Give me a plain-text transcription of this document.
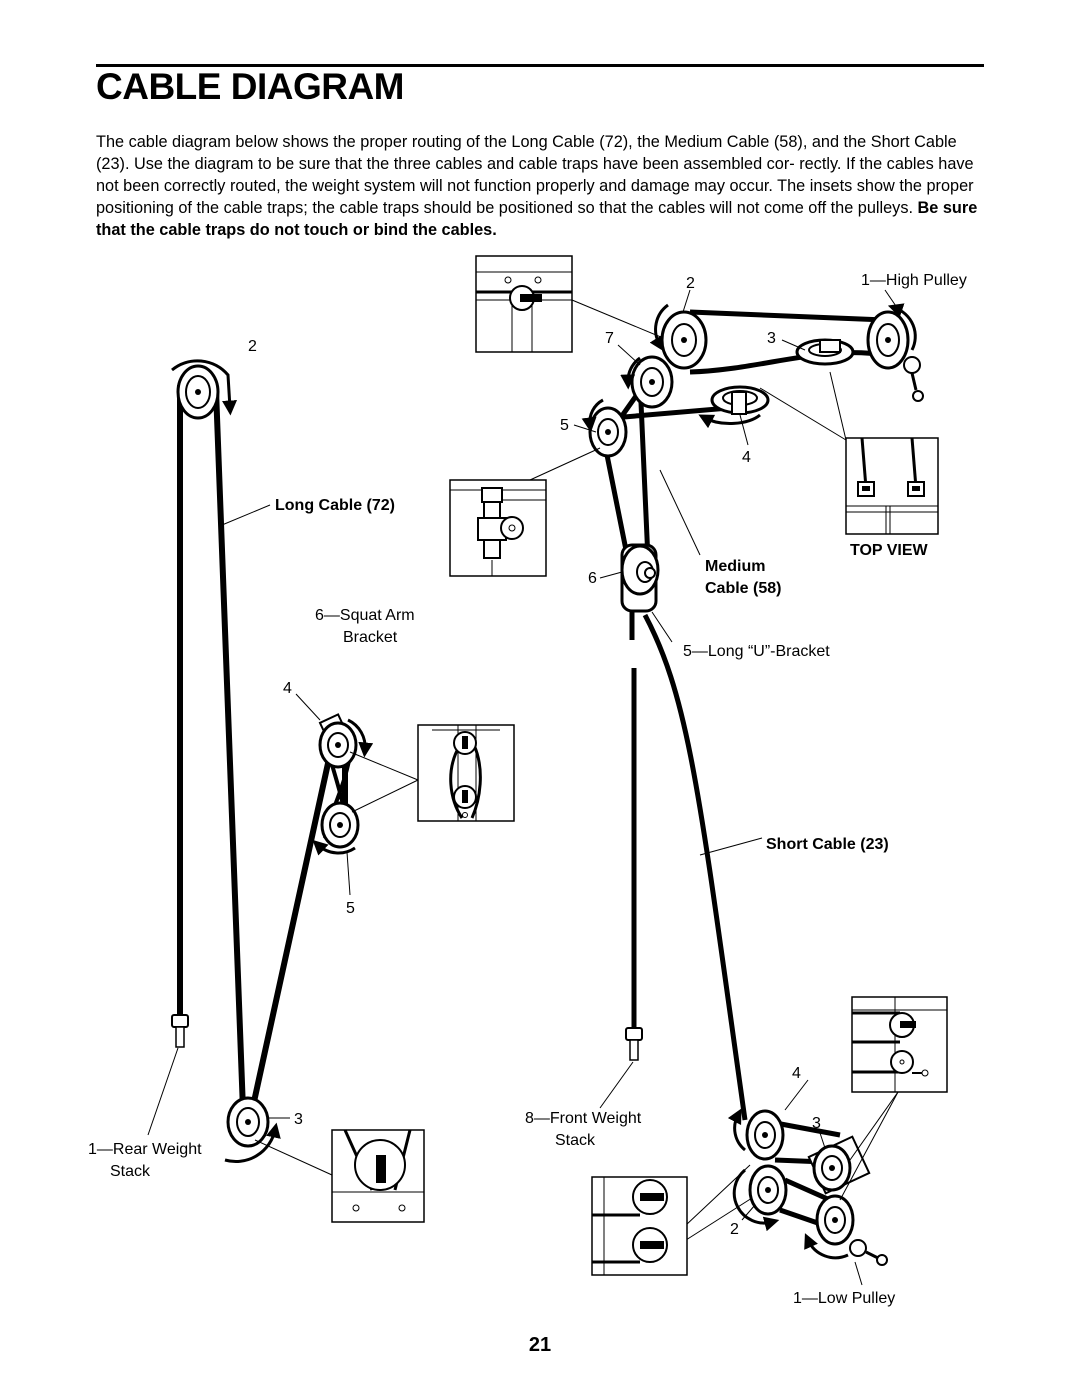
CABLE DIAGRAM

The cable diagram below shows the proper routing of the Long Cable (72), the Medium Cable (58), and the Short Cable (23). Use the diagram to be sure that the three cables and cable traps have been assembled cor- rectly. If the cables have not been correctly routed, the weight system will not function properly and damage may occur. The insets show the proper positioning of the cable traps; the cable traps should be positioned so that the cables will not come off the pulleys. Be sure that the cable traps do not touch or bind the cables.

2
Long Cable (72)
6—Squat Arm
Bracket
4
5
1—Rear Weight
Stack
3
2	1—High Pulley
3
7
4
5
6
Medium
Cable (58)
5—Long “U”-Bracket
TOP VIEW
8—Front Weight
Stack
Short Cable (23)
4
3
2
1—Low Pulley
21
